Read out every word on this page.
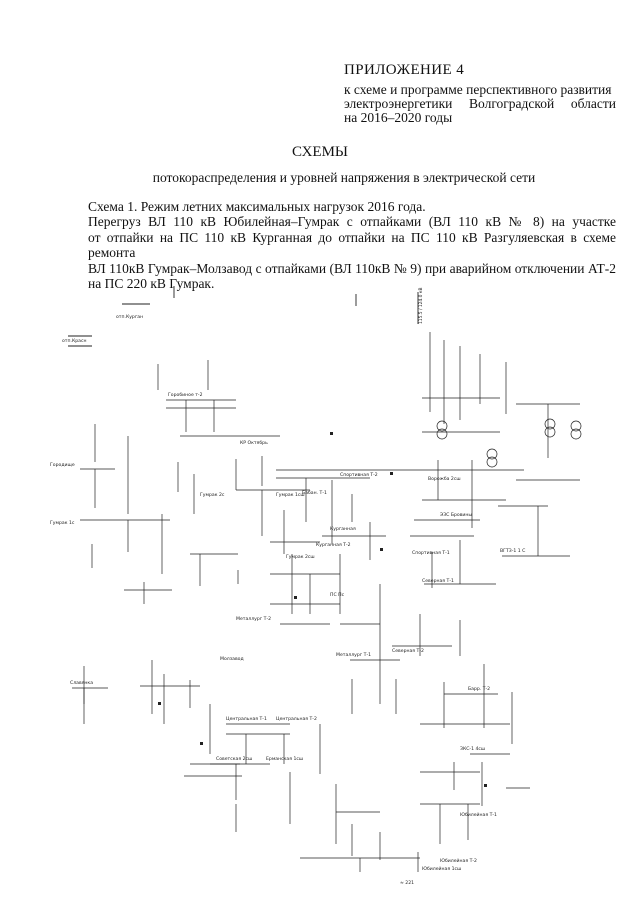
ПРИЛОЖЕНИЕ 4
к схеме и программе перспективного развития
электроэнергетики Волгоградской области
на 2016–2020 годы
СХЕМЫ
потокораспределения и уровней напряжения в электрической сети
Схема 1. Режим летних максимальных нагрузок 2016 года.
Перегруз ВЛ 110 кВ Юбилейная–Гумрак с отпайками (ВЛ 110 кВ № 8) на участке
от отпайки на ПС 110 кВ Курганная до отпайки на ПС 110 кВ Разгуляевская в схеме ремонта
ВЛ 110кВ Гумрак–Молзавод с отпайками (ВЛ 110кВ № 9) при аварийном отключении АТ-2
на ПС 220 кВ Гумрак.
отп.Курган
отп.Красн
Горобиное т-2
КР Октябрь
Городище
Гумрак 1с
Гумрак 2с	Гумрак 1сш
Гумрак 2сш
Бабан. Т-1
Курганная
Курганная Т-2
Спортивная Т-2
Спортивная Т-1
Ворожба 2сш
ЭЗС Бровины
Северная Т-1
Северная Т-2
ВГТЗ-1 1 С
Металлург Т-2
Металлург Т-1
Молзавод
Центральная Т-1 Центральная Т-2
Советская 2сш	Ерманская 1сш
Барр. Т-2
ЗКС-1 4сш
Юбилейная Т-1
Юбилейная Т-2
Юбилейная 1сш
Славянка
ПС Пс
≈ 221
115.5 / 124.0 кВ
